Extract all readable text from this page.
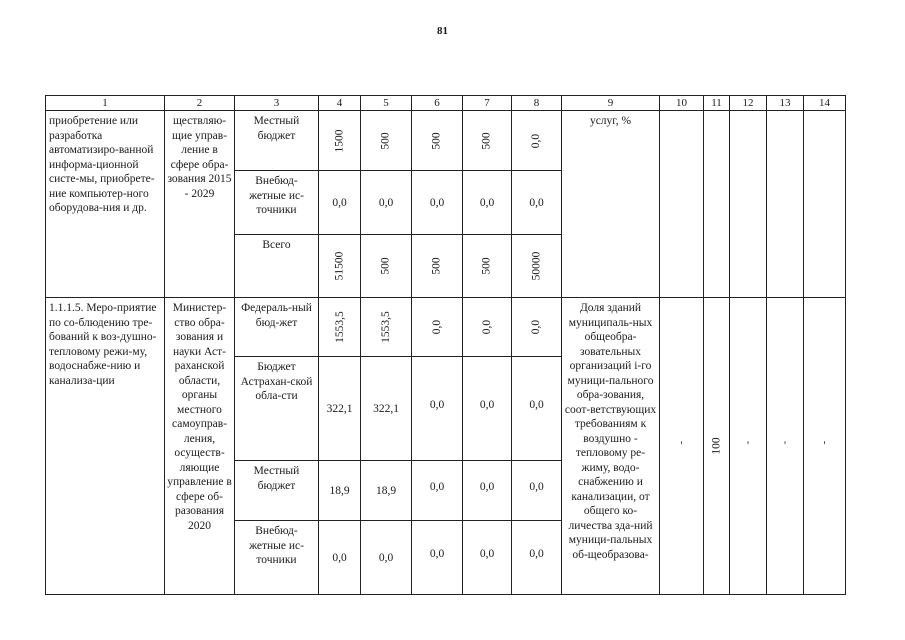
81
1	2	3	4	5	6	7	8	9	10	11	12	13	14
приобретение или разработка автоматизиро-ванной информа-ционной систе-мы, приобрете-ние компьютер-ного оборудова-ния и др.	ществляю-щие управ-ление в сфере обра-зования 2015 - 2029	Местный бюджет	1500	500	500	500	0,0	услуг, %					
		Внебюд-жетные ис-точники	0,0	0,0	0,0	0,0	0,0						
		Всего	51500	500	500	500	50000						
1.1.1.5. Меро-приятие по со-блюдению тре-бований к воз-душно-тепловому режи-му, водоснабже-нию и канализа-ции	Министер-ство обра-зования и науки Аст-раханской области, органы местного самоуправ-ления, осуществ-ляющие управление в сфере об-разования 2020	Федераль-ный бюд-жет	1553,5	1553,5	0,0	0,0	0,0	Доля зданий муниципаль-ных общеобра-зовательных организаций і-го муници-пального обра-зования, соот-ветствующих требованиям к воздушно - тепловому ре-жиму, водо-снабжению и канализации, от общего ко-личества зда-ний муници-пальных об-щеобразова-	'	100	'	'	'
		Бюджет Астрахан-ской обла-сти	322,1	322,1	0,0	0,0	0,0						
		Местный бюджет	18,9	18,9	0,0	0,0	0,0						
		Внебюд-жетные ис-точники	0,0	0,0	0,0	0,0	0,0						
